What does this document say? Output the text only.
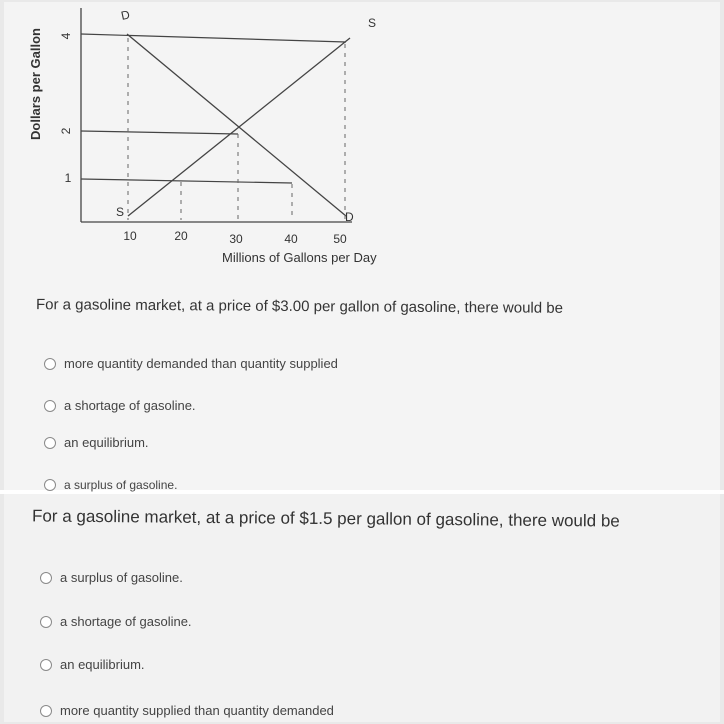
4
2
1
10	20	30	40	50
D
S
S	D
Dollars per Gallon
Millions of Gallons per Day
For a gasoline market, at a price of $3.00 per gallon of gasoline, there would be
more quantity demanded than quantity supplied
a shortage of gasoline.
an equilibrium.
a surplus of gasoline.
For a gasoline market, at a price of $1.5 per gallon of gasoline, there would be
a surplus of gasoline.
a shortage of gasoline.
an equilibrium.
more quantity supplied than quantity demanded
